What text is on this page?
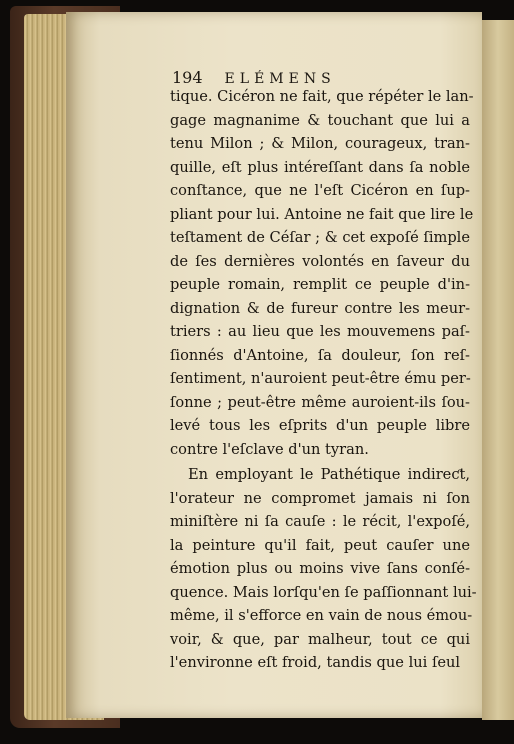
194 ELÉMENS
tique. Cicéron ne fait, que répéter le lan-
gage magnanime & touchant que lui a
tenu Milon ; & Milon, courageux, tran-
quille, eſt plus intéreſſant dans ſa noble
conſtance, que ne l'eſt Cicéron en ſup-
pliant pour lui. Antoine ne fait que lire le
teſtament de Céſar ; & cet expoſé ſimple
de ſes dernières volontés en ſaveur du
peuple romain, remplit ce peuple d'in-
dignation & de fureur contre les meur-
triers : au lieu que les mouvemens paſ-
ſionnés d'Antoine, ſa douleur, ſon reſ-
ſentiment, n'auroient peut-être ému per-
ſonne ; peut-être même auroient-ils ſou-
levé tous les eſprits d'un peuple libre
contre l'eſclave d'un tyran.
En employant le Pathétique indireƈt,
l'orateur ne compromet jamais ni ſon
miniſtère ni ſa cauſe : le récit, l'expoſé,
la peinture qu'il fait, peut cauſer une
émotion plus ou moins vive ſans conſé-
quence. Mais lorſqu'en ſe paſſionnant lui-
même, il s'efforce en vain de nous émou-
voir, & que, par malheur, tout ce qui
l'environne eſt froid, tandis que lui ſeul
